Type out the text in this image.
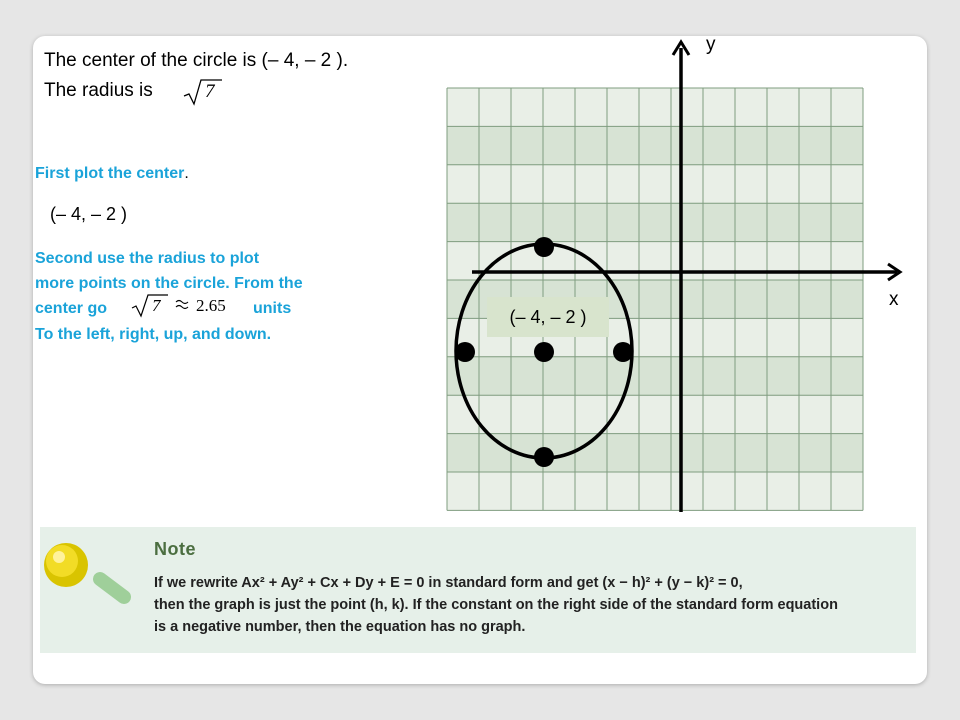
The center of the circle is (– 4, – 2 ).
The radius is	7
First plot the center.
(– 4, – 2 )
Second use the radius to plot
more points on the circle. From the
center go	7 2.65 units
To the left, right, up, and down.
(– 4, – 2 )
y
x
Note
If we rewrite Ax² + Ay² + Cx + Dy + E = 0 in standard form and get (x − h)² + (y − k)² = 0,
then the graph is just the point (h, k). If the constant on the right side of the standard form equation
is a negative number, then the equation has no graph.
